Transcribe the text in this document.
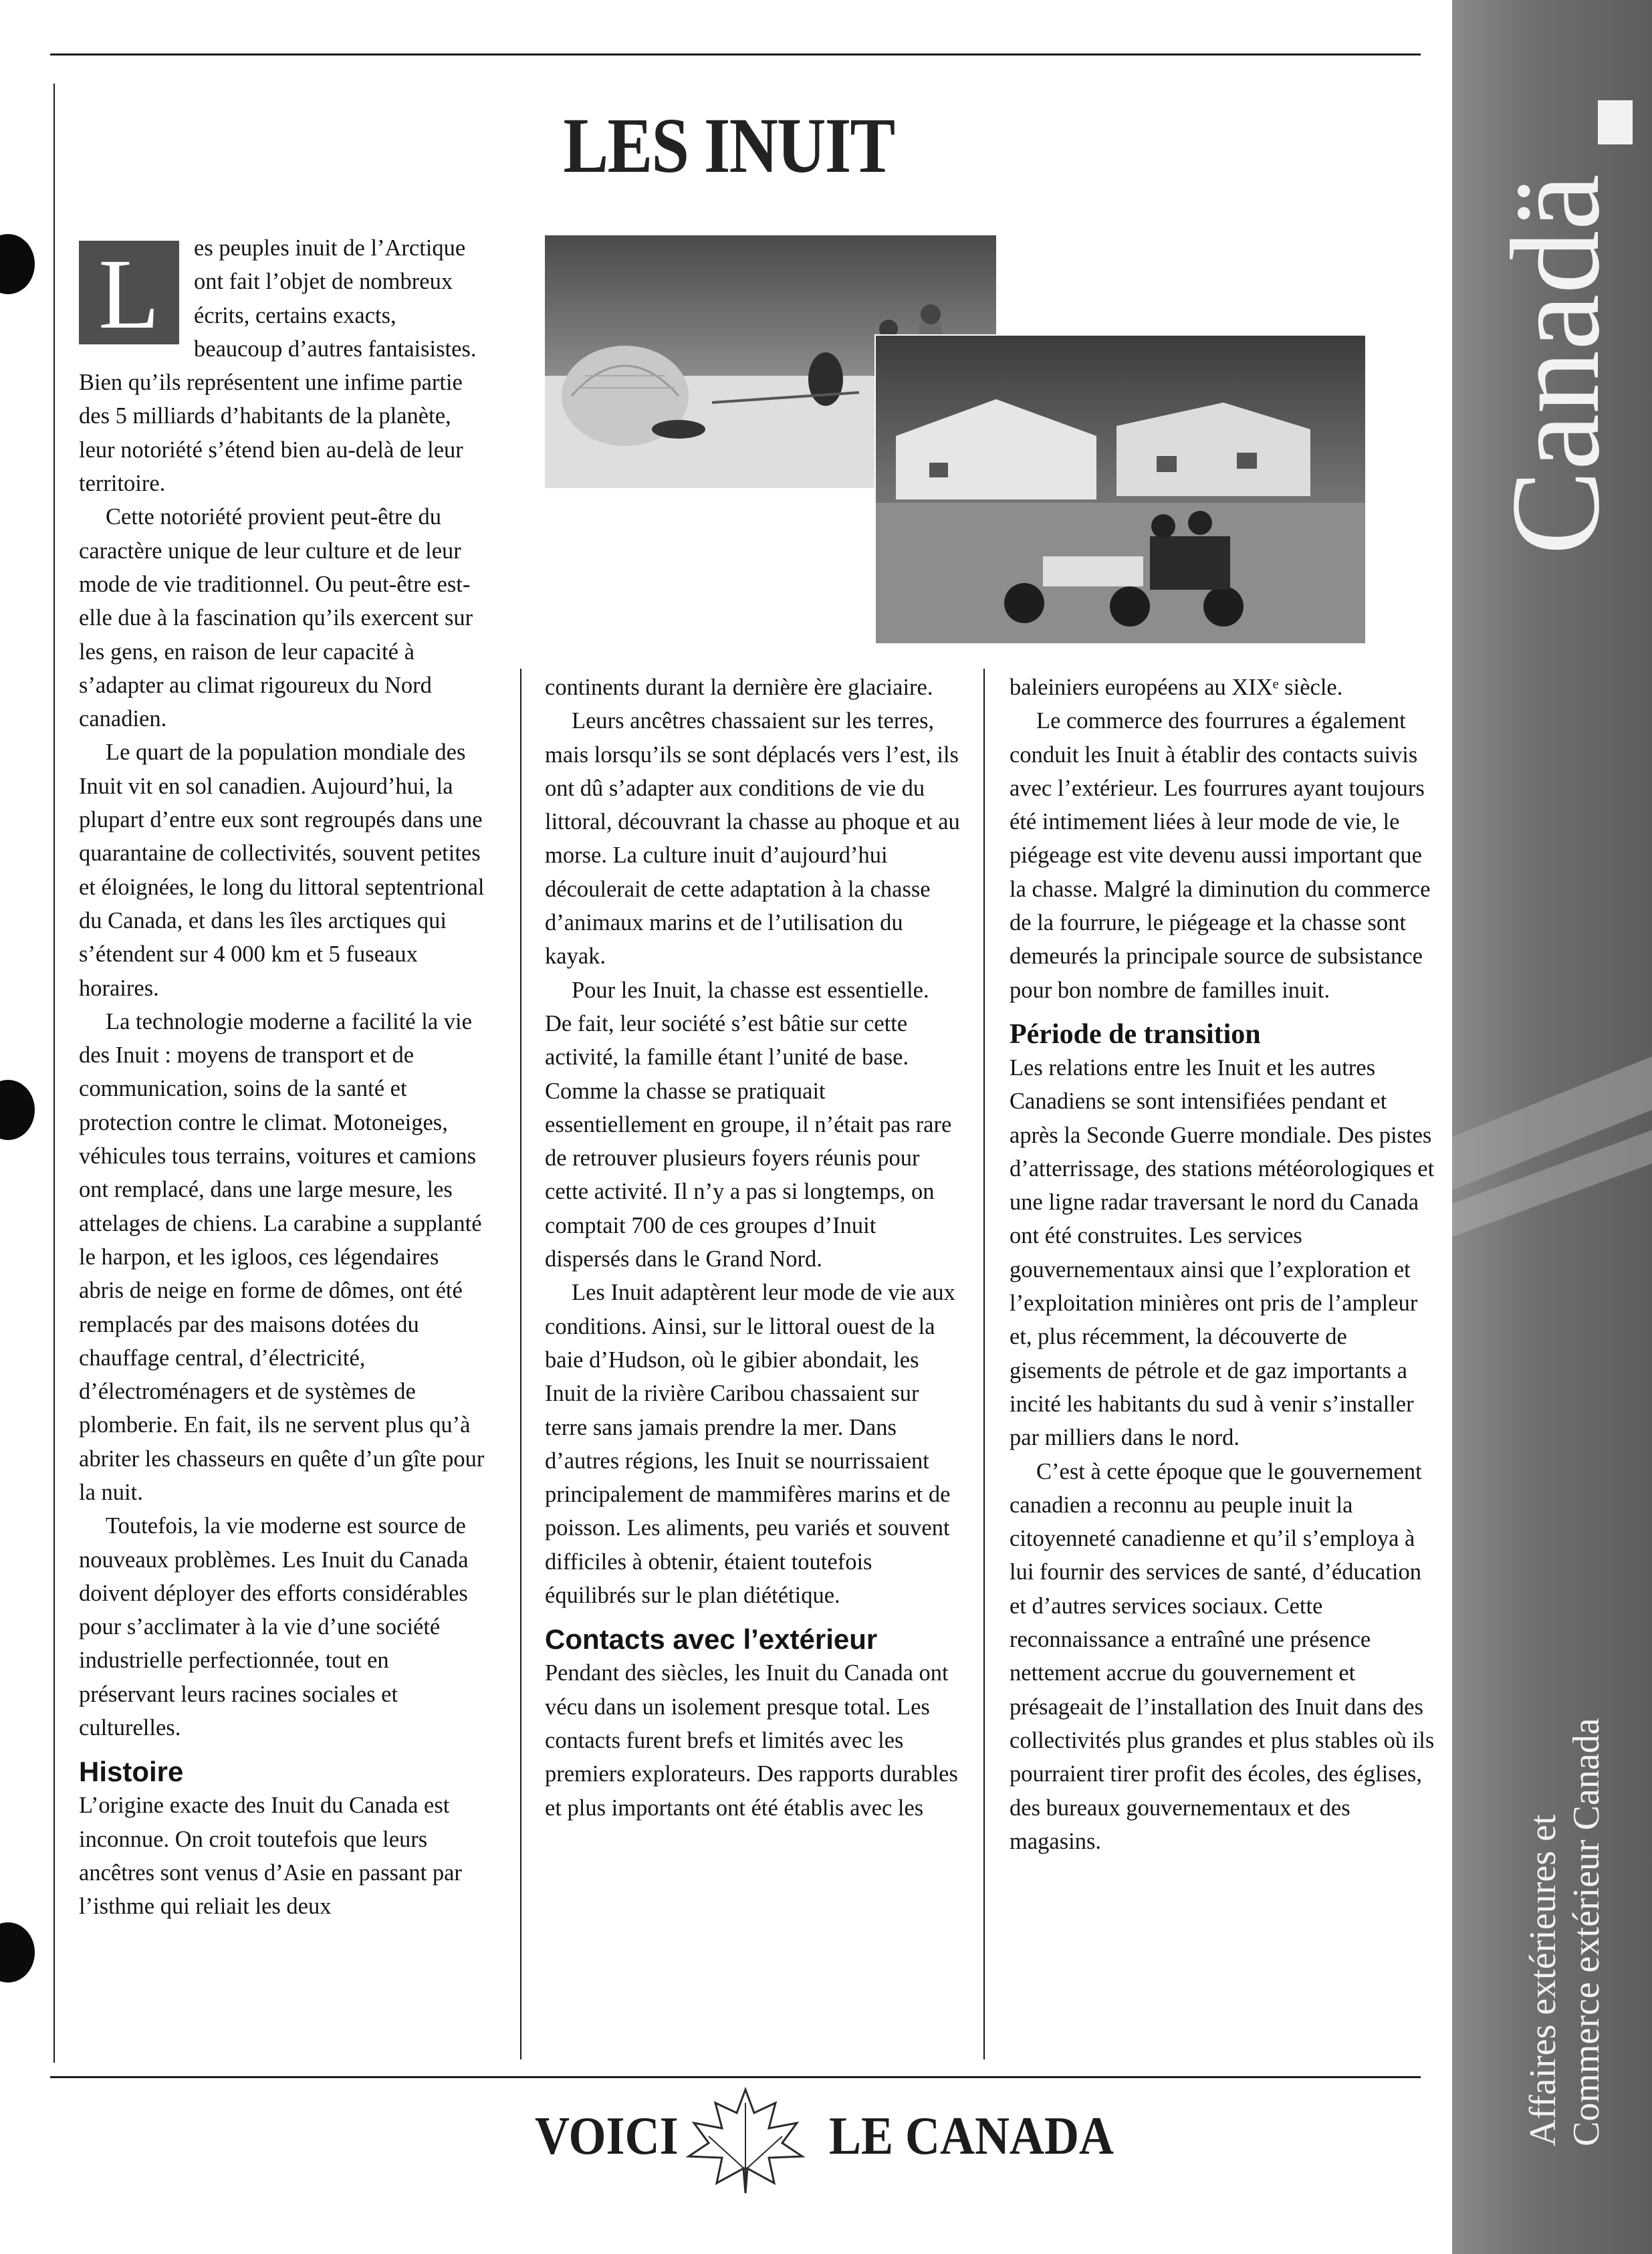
LES INUIT

L	es peuples inuit de l’Arctique ont fait l’objet de nombreux écrits, certains exacts, beaucoup d’autres fantaisistes. Bien qu’ils représentent une infime partie des 5 milliards d’habitants de la planète, leur notoriété s’étend bien au-delà de leur territoire.

Cette notoriété provient peut-être du caractère unique de leur culture et de leur mode de vie traditionnel. Ou peut-être est-elle due à la fascination qu’ils exercent sur les gens, en raison de leur capacité à s’adapter au climat rigoureux du Nord canadien.

Le quart de la population mondiale des Inuit vit en sol canadien. Aujourd’hui, la plupart d’entre eux sont regroupés dans une quarantaine de collectivités, souvent petites et éloignées, le long du littoral septentrional du Canada, et dans les îles arctiques qui s’étendent sur 4 000 km et 5 fuseaux horaires.

La technologie moderne a facilité la vie des Inuit : moyens de transport et de communication, soins de la santé et protection contre le climat. Motoneiges, véhicules tous terrains, voitures et camions ont remplacé, dans une large mesure, les attelages de chiens. La carabine a supplanté le harpon, et les igloos, ces légendaires abris de neige en forme de dômes, ont été remplacés par des maisons dotées du chauffage central, d’électricité, d’électroménagers et de systèmes de plomberie. En fait, ils ne servent plus qu’à abriter les chasseurs en quête d’un gîte pour la nuit.

Toutefois, la vie moderne est source de nouveaux problèmes. Les Inuit du Canada doivent déployer des efforts considérables pour s’acclimater à la vie d’une société industrielle perfectionnée, tout en préservant leurs racines sociales et culturelles.

Histoire

L’origine exacte des Inuit du Canada est inconnue. On croit toutefois que leurs ancêtres sont venus d’Asie en passant par l’isthme qui reliait les deux

continents durant la dernière ère glaciaire.

Leurs ancêtres chassaient sur les terres, mais lorsqu’ils se sont déplacés vers l’est, ils ont dû s’adapter aux conditions de vie du littoral, découvrant la chasse au phoque et au morse. La culture inuit d’aujourd’hui découlerait de cette adaptation à la chasse d’animaux marins et de l’utilisation du kayak.

Pour les Inuit, la chasse est essentielle. De fait, leur société s’est bâtie sur cette activité, la famille étant l’unité de base. Comme la chasse se pratiquait essentiellement en groupe, il n’était pas rare de retrouver plusieurs foyers réunis pour cette activité. Il n’y a pas si longtemps, on comptait 700 de ces groupes d’Inuit dispersés dans le Grand Nord.

Les Inuit adaptèrent leur mode de vie aux conditions. Ainsi, sur le littoral ouest de la baie d’Hudson, où le gibier abondait, les Inuit de la rivière Caribou chassaient sur terre sans jamais prendre la mer. Dans d’autres régions, les Inuit se nourrissaient principalement de mammifères marins et de poisson. Les aliments, peu variés et souvent difficiles à obtenir, étaient toutefois équilibrés sur le plan diététique.

Contacts avec l’extérieur

Pendant des siècles, les Inuit du Canada ont vécu dans un isolement presque total. Les contacts furent brefs et limités avec les premiers explorateurs. Des rapports durables et plus importants ont été établis avec les

baleiniers européens au XIXᵉ siècle.

Le commerce des fourrures a également conduit les Inuit à établir des contacts suivis avec l’extérieur. Les fourrures ayant toujours été intimement liées à leur mode de vie, le piégeage est vite devenu aussi important que la chasse. Malgré la diminution du commerce de la fourrure, le piégeage et la chasse sont demeurés la principale source de subsistance pour bon nombre de familles inuit.

Période de transition

Les relations entre les Inuit et les autres Canadiens se sont intensifiées pendant et après la Seconde Guerre mondiale. Des pistes d’atterrissage, des stations météorologiques et une ligne radar traversant le nord du Canada ont été construites. Les services gouvernementaux ainsi que l’exploration et l’exploitation minières ont pris de l’ampleur et, plus récemment, la découverte de gisements de pétrole et de gaz importants a incité les habitants du sud à venir s’installer par milliers dans le nord.

C’est à cette époque que le gouvernement canadien a reconnu au peuple inuit la citoyenneté canadienne et qu’il s’employa à lui fournir des services de santé, d’éducation et d’autres services sociaux. Cette reconnaissance a entraîné une présence nettement accrue du gouvernement et présageait de l’installation des Inuit dans des collectivités plus grandes et plus stables où ils pourraient tirer profit des écoles, des églises, des bureaux gouvernementaux et des magasins.

Canadä
Affaires extérieures et Commerce extérieur Canada
VOICI	LE CANADA
